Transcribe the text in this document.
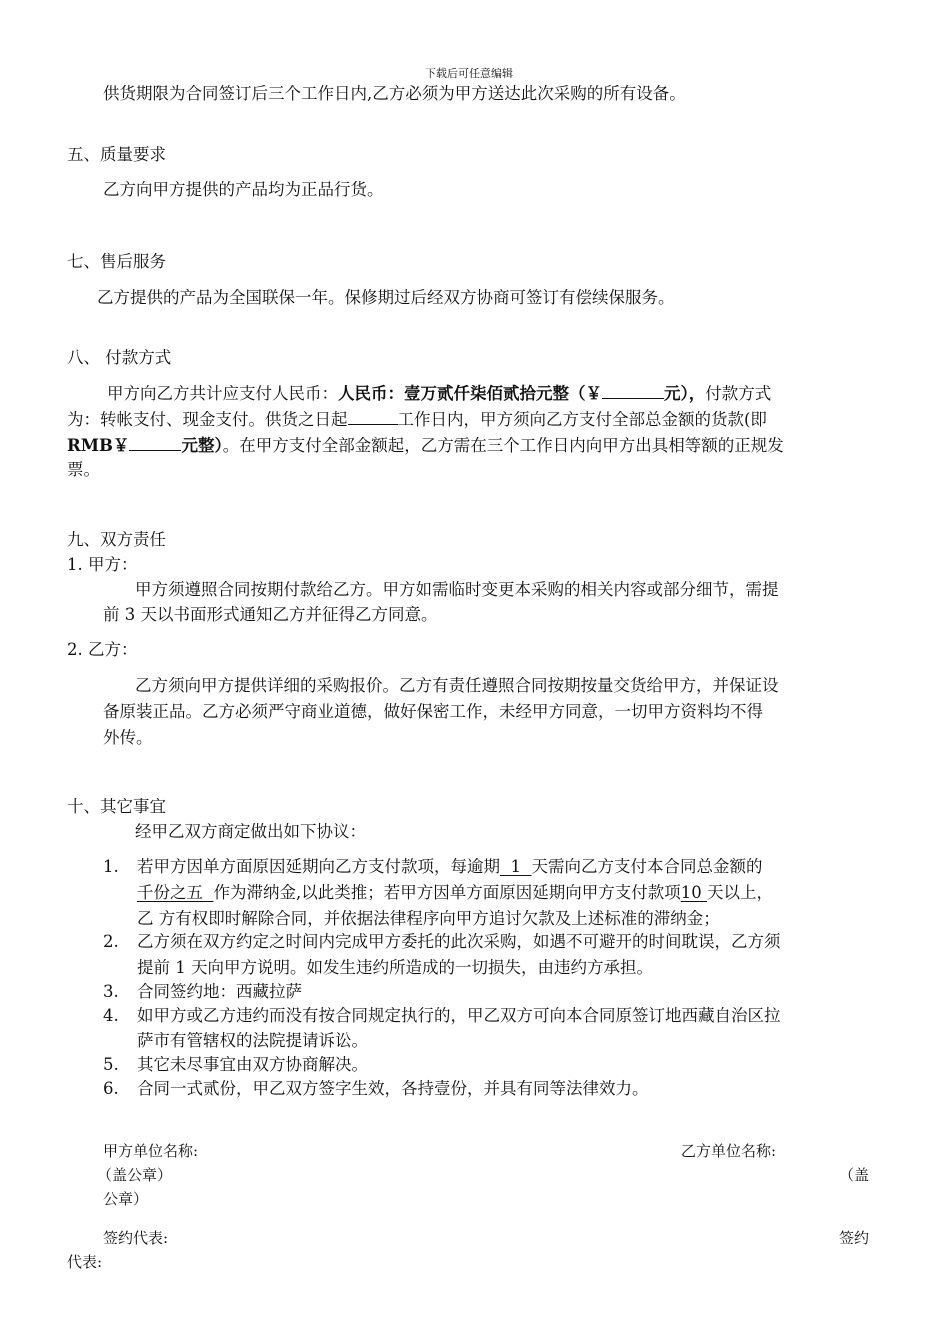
下载后可任意编辑
供货期限为合同签订后三个工作日内,乙方必须为甲方送达此次采购的所有设备。
五、质量要求
乙方向甲方提供的产品均为正品行货。
七、售后服务
乙方提供的产品为全国联保一年。保修期过后经双方协商可签订有偿续保服务。
八、 付款方式
甲方向乙方共计应支付人民币：人民币：壹万贰仟柒佰贰拾元整（￥	元），付款方式
为：转帐支付、现金支付。供货之日起	工作日内，甲方须向乙方支付全部总金额的货款(即
RMB￥	元整）。在甲方支付全部金额起，乙方需在三个工作日内向甲方出具相等额的正规发
票。
九、双方责任
1. 甲方：
甲方须遵照合同按期付款给乙方。甲方如需临时变更本采购的相关内容或部分细节，需提
前 3 天以书面形式通知乙方并征得乙方同意。
2. 乙方：
乙方须向甲方提供详细的采购报价。乙方有责任遵照合同按期按量交货给甲方，并保证设
备原装正品。乙方必须严守商业道德，做好保密工作，未经甲方同意，一切甲方资料均不得
外传。
十、其它事宜
经甲乙双方商定做出如下协议：
1. 若甲方因单方面原因延期向乙方支付款项，每逾期  1  天需向乙方支付本合同总金额的
千份之五  作为滞纳金,以此类推；若甲方因单方面原因延期向甲方支付款项10 天以上，
乙 方有权即时解除合同，并依据法律程序向甲方追讨欠款及上述标准的滞纳金；
2. 乙方须在双方约定之时间内完成甲方委托的此次采购，如遇不可避开的时间耽误，乙方须
提前 1 天向甲方说明。如发生违约所造成的一切损失，由违约方承担。
3. 合同签约地：西藏拉萨
4. 如甲方或乙方违约而没有按合同规定执行的，甲乙双方可向本合同原签订地西藏自治区拉
萨市有管辖权的法院提请诉讼。
5. 其它未尽事宜由双方协商解决。
6. 合同一式贰份，甲乙双方签字生效，各持壹份，并具有同等法律效力。
甲方单位名称:	乙方单位名称:
（盖公章）	（盖
公章）
签约代表:	签约
代表:
